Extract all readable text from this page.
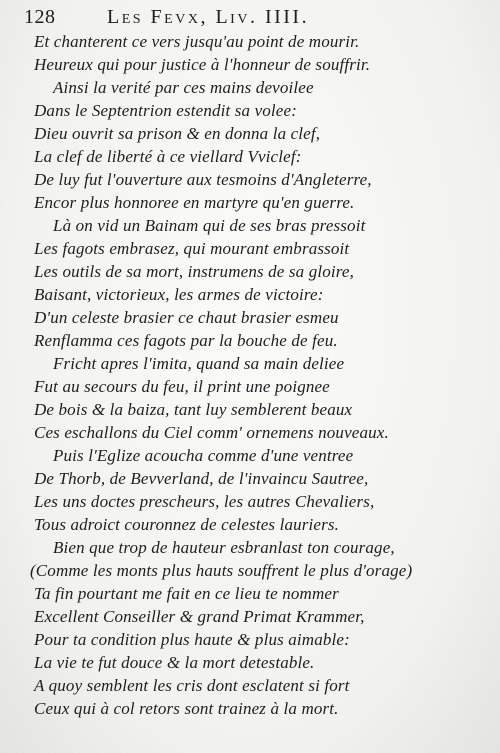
128	Les Fevx, Liv. IIII.
Et chanterent ce vers jusqu'au point de mourir.
Heureux qui pour justice à l'honneur de souffrir.
Ainsi la verité par ces mains devoilee
Dans le Septentrion estendit sa volee:
Dieu ouvrit sa prison & en donna la clef,
La clef de liberté à ce viellard Vviclef:
De luy fut l'ouverture aux tesmoins d'Angleterre,
Encor plus honnoree en martyre qu'en guerre.
Là on vid un Bainam qui de ses bras pressoit
Les fagots embrasez, qui mourant embrassoit
Les outils de sa mort, instrumens de sa gloire,
Baisant, victorieux, les armes de victoire:
D'un celeste brasier ce chaut brasier esmeu
Renflamma ces fagots par la bouche de feu.
Fricht apres l'imita, quand sa main deliee
Fut au secours du feu, il print une poignee
De bois & la baiza, tant luy semblerent beaux
Ces eschallons du Ciel comm' ornemens nouveaux.
Puis l'Eglize acoucha comme d'une ventree
De Thorb, de Bevverland, de l'invaincu Sautree,
Les uns doctes prescheurs, les autres Chevaliers,
Tous adroict couronnez de celestes lauriers.
Bien que trop de hauteur esbranlast ton courage,
(Comme les monts plus hauts souffrent le plus d'orage)
Ta fin pourtant me fait en ce lieu te nommer
Excellent Conseiller & grand Primat Krammer,
Pour ta condition plus haute & plus aimable:
La vie te fut douce & la mort detestable.
A quoy semblent les cris dont esclatent si fort
Ceux qui à col retors sont trainez à la mort.
